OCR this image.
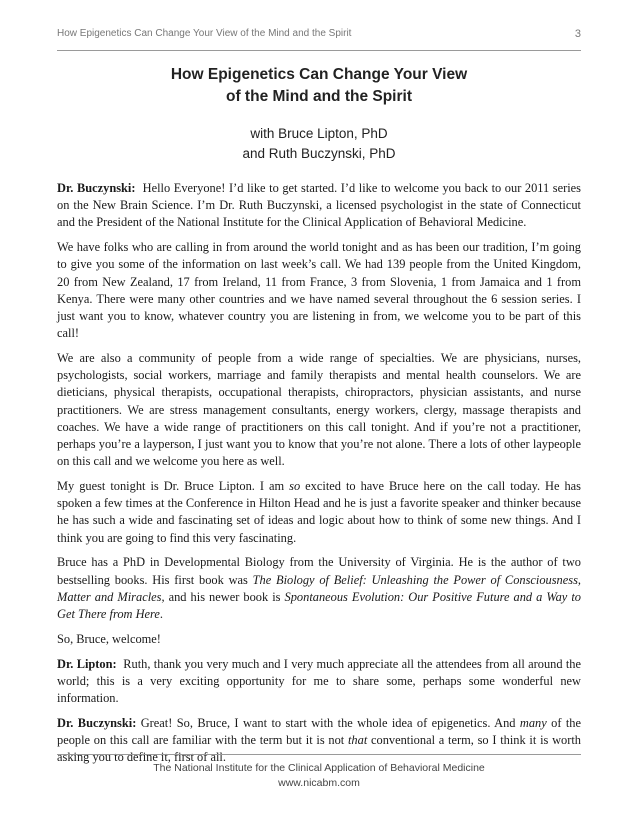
How Epigenetics Can Change Your View of the Mind and the Spirit	3
How Epigenetics Can Change Your View
of the Mind and the Spirit
with Bruce Lipton, PhD
and Ruth Buczynski, PhD

Dr. Buczynski: Hello Everyone! I’d like to get started. I’d like to welcome you back to our 2011 series on the New Brain Science. I’m Dr. Ruth Buczynski, a licensed psychologist in the state of Connecticut and the President of the National Institute for the Clinical Application of Behavioral Medicine.

We have folks who are calling in from around the world tonight and as has been our tradition, I’m going to give you some of the information on last week’s call. We had 139 people from the United Kingdom, 20 from New Zealand, 17 from Ireland, 11 from France, 3 from Slovenia, 1 from Jamaica and 1 from Kenya. There were many other countries and we have named several throughout the 6 session series. I just want you to know, whatever country you are listening in from, we welcome you to be part of this call!

We are also a community of people from a wide range of specialties. We are physicians, nurses, psychologists, social workers, marriage and family therapists and mental health counselors. We are dieticians, physical therapists, occupational therapists, chiropractors, physician assistants, and nurse practitioners. We are stress management consultants, energy workers, clergy, massage therapists and coaches. We have a wide range of practitioners on this call tonight. And if you’re not a practitioner, perhaps you’re a layperson, I just want you to know that you’re not alone. There a lots of other laypeople on this call and we welcome you here as well.

My guest tonight is Dr. Bruce Lipton. I am so excited to have Bruce here on the call today. He has spoken a few times at the Conference in Hilton Head and he is just a favorite speaker and thinker because he has such a wide and fascinating set of ideas and logic about how to think of some new things. And I think you are going to find this very fascinating.

Bruce has a PhD in Developmental Biology from the University of Virginia. He is the author of two bestselling books. His first book was The Biology of Belief: Unleashing the Power of Consciousness, Matter and Miracles, and his newer book is Spontaneous Evolution: Our Positive Future and a Way to Get There from Here.

So, Bruce, welcome!

Dr. Lipton: Ruth, thank you very much and I very much appreciate all the attendees from all around the world; this is a very exciting opportunity for me to share some, perhaps some wonderful new information.

Dr. Buczynski: Great! So, Bruce, I want to start with the whole idea of epigenetics. And many of the people on this call are familiar with the term but it is not that conventional a term, so I think it is worth asking you to define it, first of all.

The National Institute for the Clinical Application of Behavioral Medicine
www.nicabm.com
